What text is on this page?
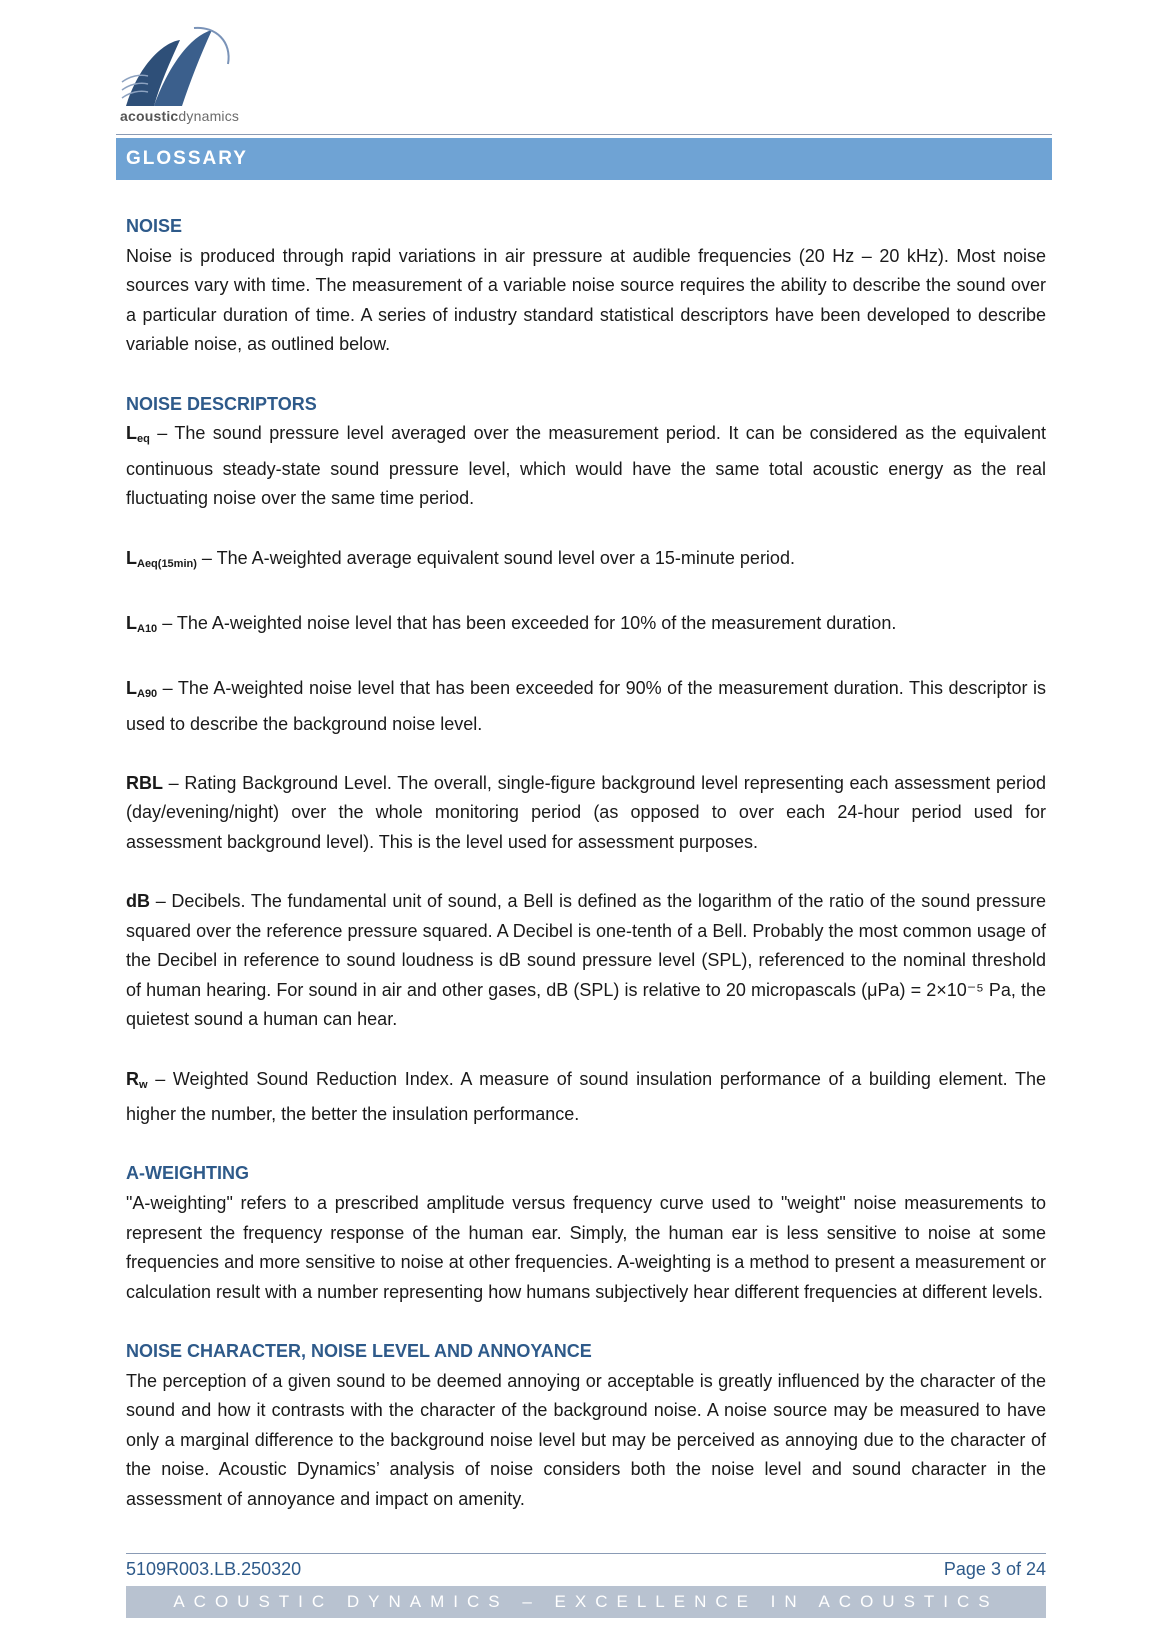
acousticdynamics
GLOSSARY

NOISE

Noise is produced through rapid variations in air pressure at audible frequencies (20 Hz – 20 kHz). Most noise sources vary with time. The measurement of a variable noise source requires the ability to describe the sound over a particular duration of time. A series of industry standard statistical descriptors have been developed to describe variable noise, as outlined below.

NOISE DESCRIPTORS

$L_{eq}$ – The sound pressure level averaged over the measurement period. It can be considered as the equivalent continuous steady-state sound pressure level, which would have the same total acoustic energy as the real fluctuating noise over the same time period.

$L_{Aeq(15min)}$ – The A-weighted average equivalent sound level over a 15-minute period.

$L_{A10}$ – The A-weighted noise level that has been exceeded for 10% of the measurement duration.

$L_{A90}$ – The A-weighted noise level that has been exceeded for 90% of the measurement duration. This descriptor is used to describe the background noise level.

RBL – Rating Background Level. The overall, single-figure background level representing each assessment period (day/evening/night) over the whole monitoring period (as opposed to over each 24-hour period used for assessment background level). This is the level used for assessment purposes.

dB – Decibels. The fundamental unit of sound, a Bell is defined as the logarithm of the ratio of the sound pressure squared over the reference pressure squared. A Decibel is one-tenth of a Bell. Probably the most common usage of the Decibel in reference to sound loudness is dB sound pressure level (SPL), referenced to the nominal threshold of human hearing. For sound in air and other gases, dB (SPL) is relative to 20 micropascals (μPa) = 2×10⁻⁵ Pa, the quietest sound a human can hear.

$R_w$ – Weighted Sound Reduction Index. A measure of sound insulation performance of a building element. The higher the number, the better the insulation performance.

A-WEIGHTING

"A-weighting" refers to a prescribed amplitude versus frequency curve used to "weight" noise measurements to represent the frequency response of the human ear. Simply, the human ear is less sensitive to noise at some frequencies and more sensitive to noise at other frequencies. A-weighting is a method to present a measurement or calculation result with a number representing how humans subjectively hear different frequencies at different levels.

NOISE CHARACTER, NOISE LEVEL AND ANNOYANCE

The perception of a given sound to be deemed annoying or acceptable is greatly influenced by the character of the sound and how it contrasts with the character of the background noise. A noise source may be measured to have only a marginal difference to the background noise level but may be perceived as annoying due to the character of the noise. Acoustic Dynamics’ analysis of noise considers both the noise level and sound character in the assessment of annoyance and impact on amenity.

5109R003.LB.250320	Page 3 of 24
ACOUSTIC DYNAMICS – EXCELLENCE IN ACOUSTICS
